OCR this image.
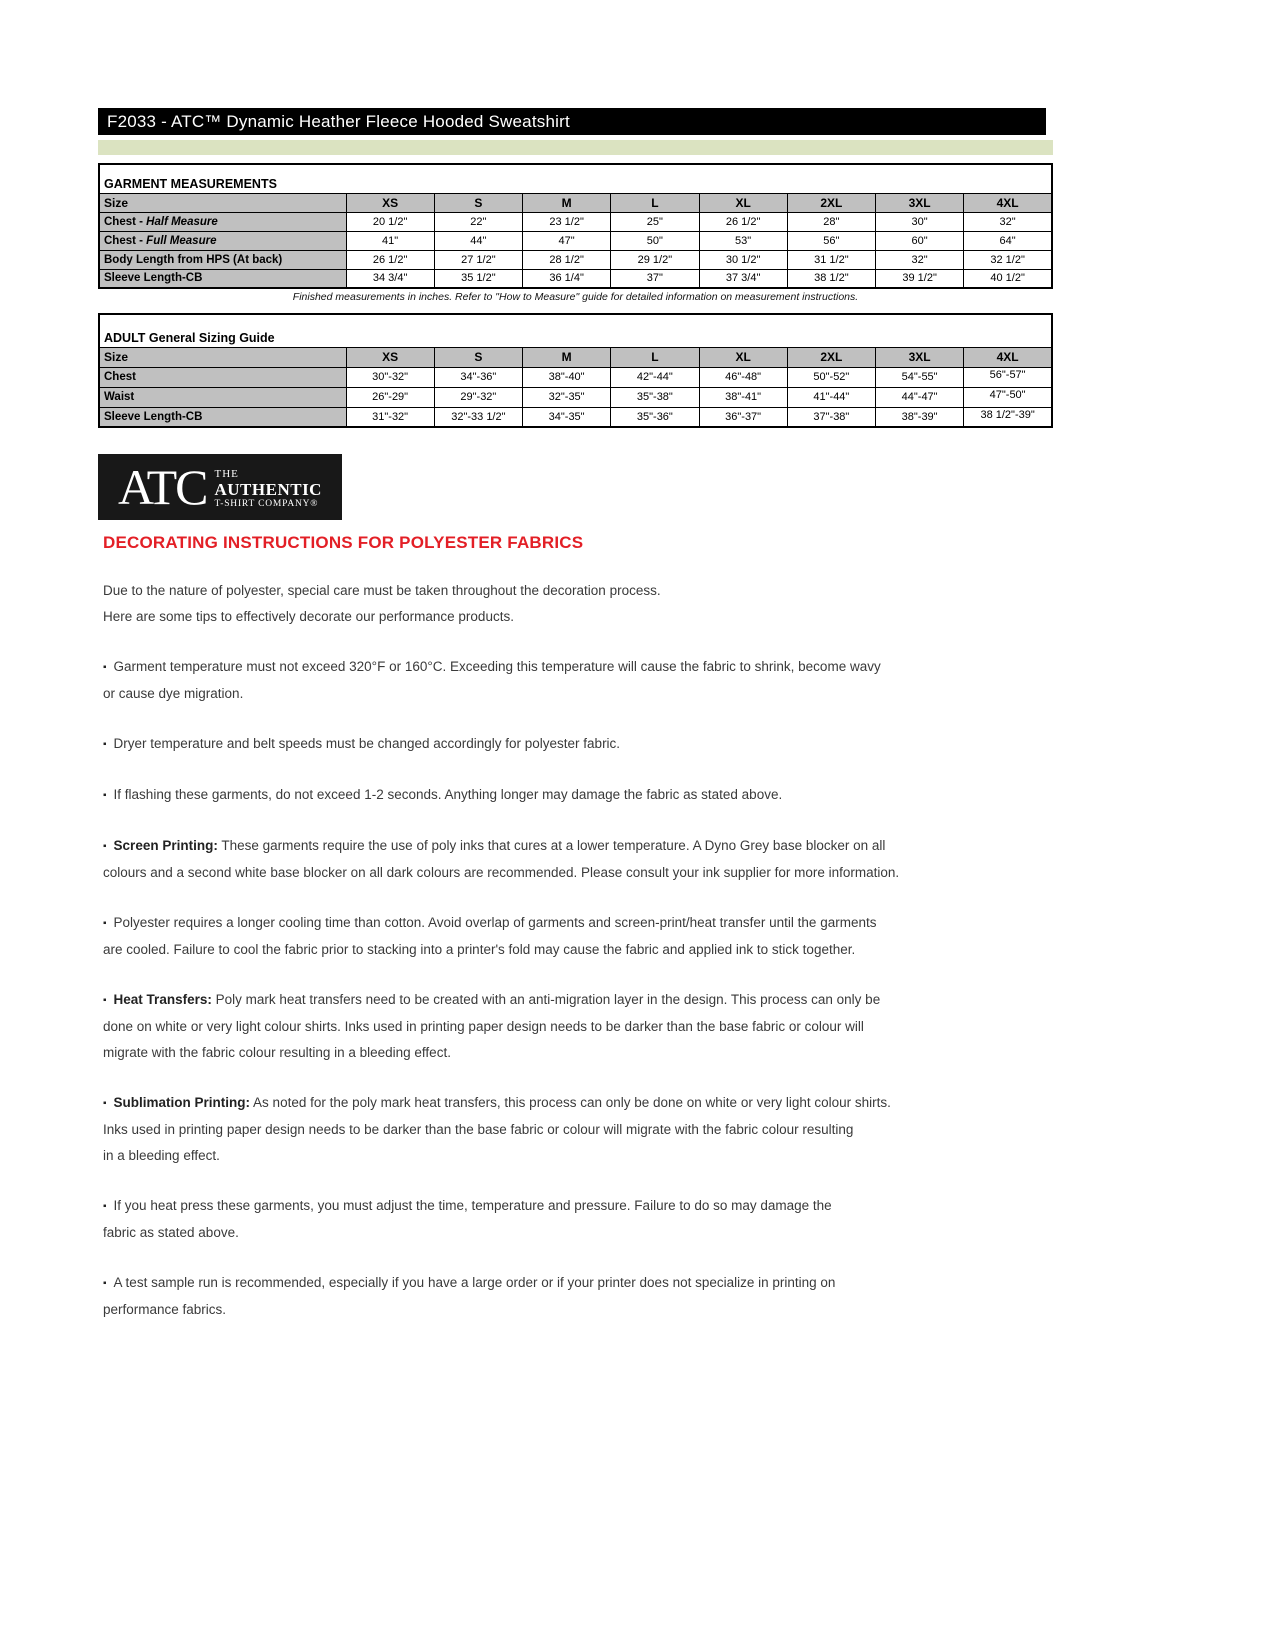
F2033 - ATC™ Dynamic Heather Fleece Hooded Sweatshirt
GARMENT MEASUREMENTS								
Size	XS	S	M	L	XL	2XL	3XL	4XL
Chest - Half Measure	20 1/2"	22"	23 1/2"	25"	26 1/2"	28"	30"	32"
Chest - Full Measure	41"	44"	47"	50"	53"	56"	60"	64"
Body Length from HPS (At back)	26 1/2"	27 1/2"	28 1/2"	29 1/2"	30 1/2"	31 1/2"	32"	32 1/2"
Sleeve Length-CB	34 3/4"	35 1/2"	36 1/4"	37"	37 3/4"	38 1/2"	39 1/2"	40 1/2"
Finished measurements in inches. Refer to "How to Measure" guide for detailed information on measurement instructions.
ADULT General Sizing Guide								
Size	XS	S	M	L	XL	2XL	3XL	4XL
Chest	30"-32"	34"-36"	38"-40"	42"-44"	46"-48"	50"-52"	54"-55"	56"-57"
Waist	26"-29"	29"-32"	32"-35"	35"-38"	38"-41"	41"-44"	44"-47"	47"-50"
Sleeve Length-CB	31"-32"	32"-33 1/2"	34"-35"	35"-36"	36"-37"	37"-38"	38"-39"	38 1/2"-39"
ATC THE
AUTHENTIC
T-SHIRT COMPANY®
DECORATING INSTRUCTIONS FOR POLYESTER FABRICS

Due to the nature of polyester, special care must be taken throughout the decoration process.
Here are some tips to effectively decorate our performance products.

▪ Garment temperature must not exceed 320°F or 160°C. Exceeding this temperature will cause the fabric to shrink, become wavy
or cause dye migration.

▪ Dryer temperature and belt speeds must be changed accordingly for polyester fabric.

▪ If flashing these garments, do not exceed 1-2 seconds. Anything longer may damage the fabric as stated above.

▪ Screen Printing: These garments require the use of poly inks that cures at a lower temperature. A Dyno Grey base blocker on all
colours and a second white base blocker on all dark colours are recommended. Please consult your ink supplier for more information.

▪ Polyester requires a longer cooling time than cotton. Avoid overlap of garments and screen-print/heat transfer until the garments
are cooled. Failure to cool the fabric prior to stacking into a printer's fold may cause the fabric and applied ink to stick together.

▪ Heat Transfers: Poly mark heat transfers need to be created with an anti-migration layer in the design. This process can only be
done on white or very light colour shirts. Inks used in printing paper design needs to be darker than the base fabric or colour will
migrate with the fabric colour resulting in a bleeding effect.

▪ Sublimation Printing: As noted for the poly mark heat transfers, this process can only be done on white or very light colour shirts.
Inks used in printing paper design needs to be darker than the base fabric or colour will migrate with the fabric colour resulting
in a bleeding effect.

▪ If you heat press these garments, you must adjust the time, temperature and pressure. Failure to do so may damage the
fabric as stated above.

▪ A test sample run is recommended, especially if you have a large order or if your printer does not specialize in printing on
performance fabrics.
